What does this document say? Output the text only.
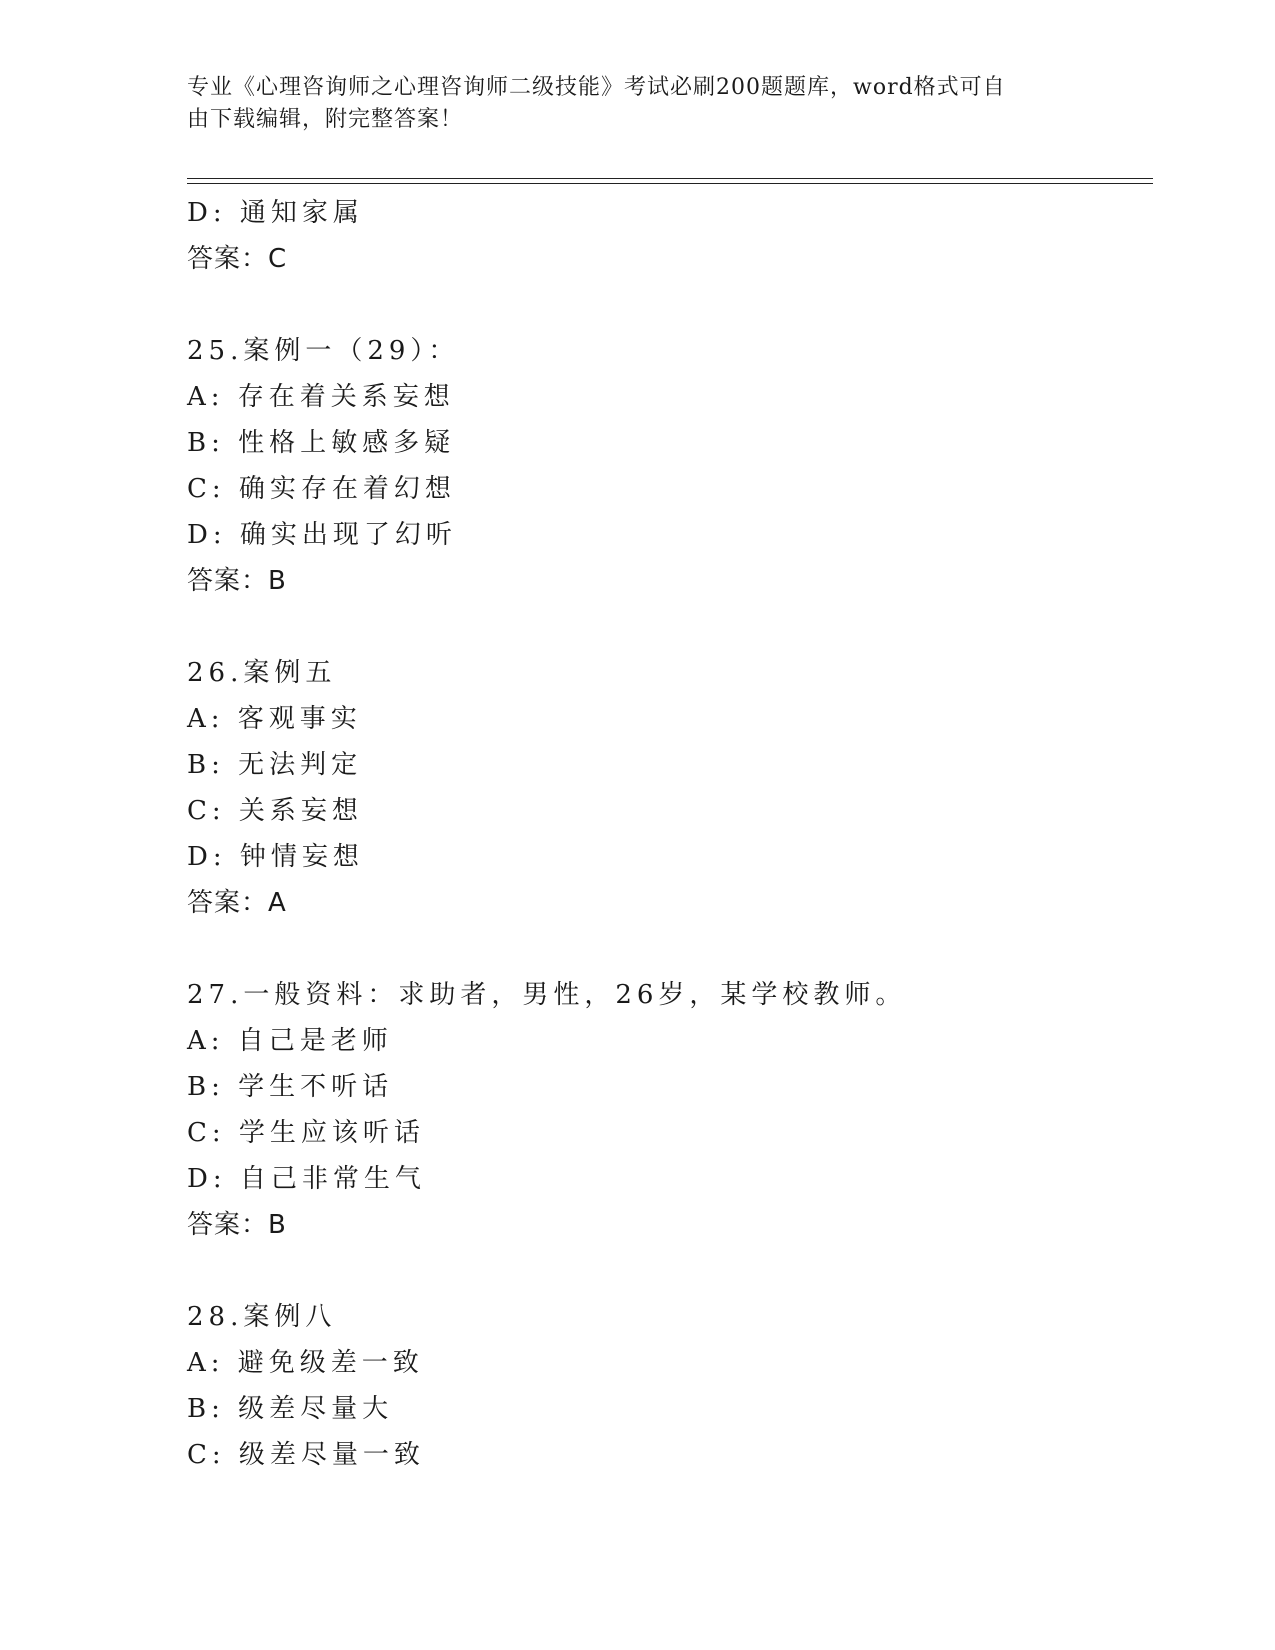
专业《心理咨询师之心理咨询师二级技能》考试必刷200题题库，word格式可自
由下载编辑，附完整答案！
D: 通知家属
答案：C
25.案例一（29）：
A: 存在着关系妄想
B: 性格上敏感多疑
C: 确实存在着幻想
D: 确实出现了幻听
答案：B
26.案例五
A: 客观事实
B: 无法判定
C: 关系妄想
D: 钟情妄想
答案：A
27.一般资料：求助者，男性，26岁，某学校教师。
A: 自己是老师
B: 学生不听话
C: 学生应该听话
D: 自己非常生气
答案：B
28.案例八
A: 避免级差一致
B: 级差尽量大
C: 级差尽量一致
